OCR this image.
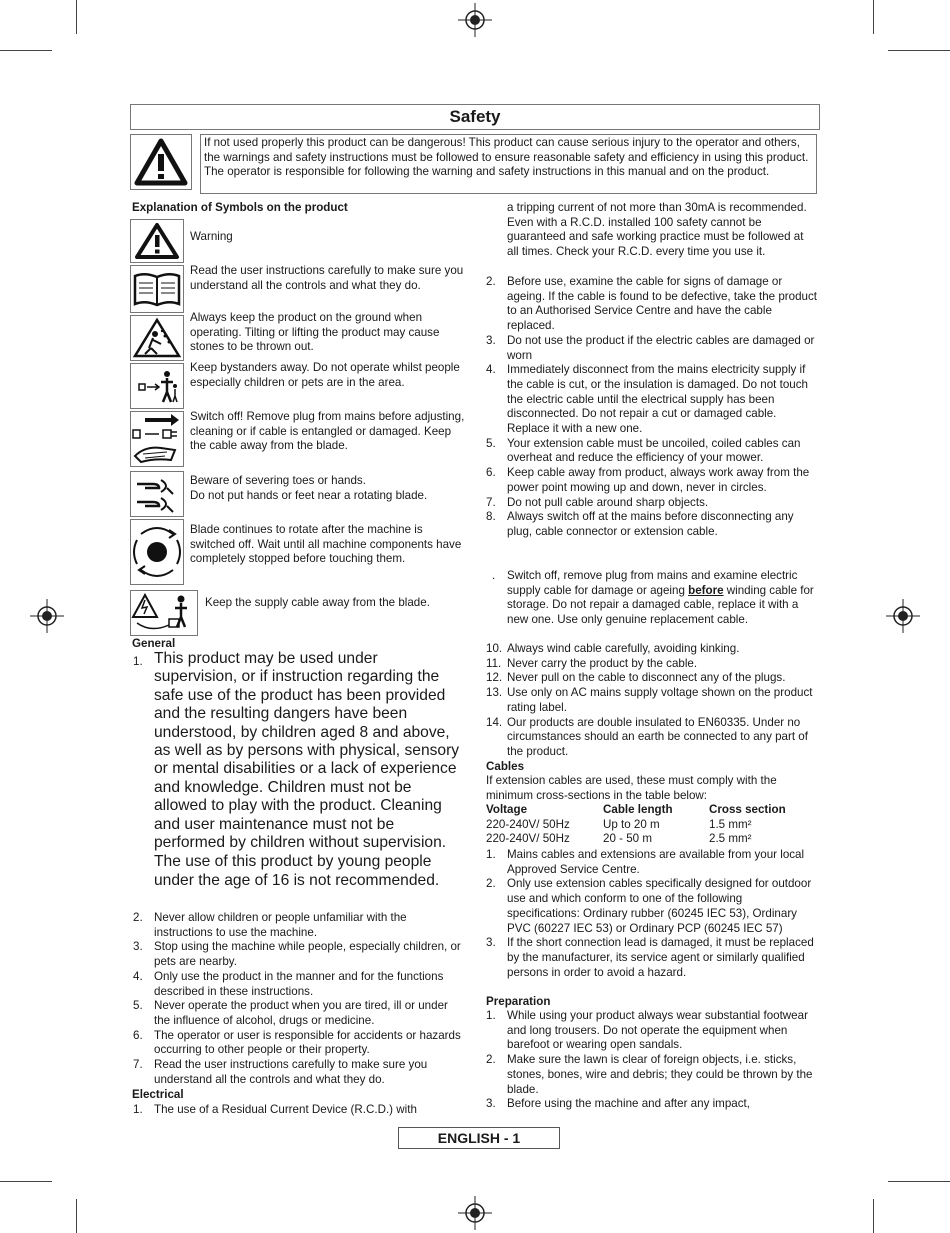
Safety
If not used properly this product can be dangerous! This product can cause serious injury to the operator and others, the warnings and safety instructions must be followed to ensure reasonable safety and efficiency in using this product. The operator is responsible for following the warning and safety instructions in this manual and on the product.
Explanation of Symbols on the product
Warning
Read the user instructions carefully to make sure you understand all the controls and what they do.
Always keep the product on the ground when operating. Tilting or lifting the product may cause stones to be thrown out.
Keep bystanders away. Do not operate whilst people especially children or pets are in the area.
Switch off! Remove plug from mains before adjusting, cleaning or if cable is entangled or damaged. Keep the cable away from the blade.
Beware of severing toes or hands.
Do not put hands or feet near a rotating blade.
Blade continues to rotate after the machine is switched off. Wait until all machine components have completely stopped before touching them.
Keep the supply cable away from the blade.
General
1. This product may be used under supervision, or if instruction regarding the safe use of the product has been provided and the resulting dangers have been understood, by children aged 8 and above, as well as by persons with physical, sensory or mental disabilities or a lack of experience and knowledge. Children must not be allowed to play with the product. Cleaning and user maintenance must not be performed by children without supervision.
The use of this product by young people under the age of 16 is not recommended.
2. Never allow children or people unfamiliar with the instructions to use the machine.
3. Stop using the machine while people, especially children, or pets are nearby.
4. Only use the product in the manner and for the functions described in these instructions.
5. Never operate the product when you are tired, ill or under the influence of alcohol, drugs or medicine.
6. The operator or user is responsible for accidents or hazards occurring to other people or their property.
7. Read the user instructions carefully to make sure you understand all the controls and what they do.
Electrical
1. The use of a Residual Current Device (R.C.D.) with
a tripping current of not more than 30mA is recommended. Even with a R.C.D. installed 100 safety cannot be guaranteed and safe working practice must be followed at all times. Check your R.C.D. every time you use it.
2. Before use, examine the cable for signs of damage or ageing. If the cable is found to be defective, take the product to an Authorised Service Centre and have the cable replaced.
3. Do not use the product if the electric cables are damaged or worn
4. Immediately disconnect from the mains electricity supply if the cable is cut, or the insulation is damaged. Do not touch the electric cable until the electrical supply has been disconnected. Do not repair a cut or damaged cable. Replace it with a new one.
5. Your extension cable must be uncoiled, coiled cables can overheat and reduce the efficiency of your mower.
6. Keep cable away from product, always work away from the power point mowing up and down, never in circles.
7. Do not pull cable around sharp objects.
8. Always switch off at the mains before disconnecting any plug, cable connector or extension cable.
. Switch off, remove plug from mains and examine electric supply cable for damage or ageing before winding cable for storage. Do not repair a damaged cable, replace it with a new one. Use only genuine replacement cable.
10. Always wind cable carefully, avoiding kinking.
11. Never carry the product by the cable.
12. Never pull on the cable to disconnect any of the plugs.
13. Use only on AC mains supply voltage shown on the product rating label.
14. Our products are double insulated to EN60335. Under no circumstances should an earth be connected to any part of the product.
Cables
If extension cables are used, these must comply with the minimum cross-sections in the table below:
Voltage	Cable length	Cross section
220-240V/ 50Hz	Up to 20 m	1.5 mm²
220-240V/ 50Hz	20 - 50 m	2.5 mm²
1. Mains cables and extensions are available from your local Approved Service Centre.
2. Only use extension cables specifically designed for outdoor use and which conform to one of the following specifications: Ordinary rubber (60245 IEC 53), Ordinary PVC (60227 IEC 53) or Ordinary PCP (60245 IEC 57)
3. If the short connection lead is damaged, it must be replaced by the manufacturer, its service agent or similarly qualified persons in order to avoid a hazard.
Preparation
1. While using your product always wear substantial footwear and long trousers. Do not operate the equipment when barefoot or wearing open sandals.
2. Make sure the lawn is clear of foreign objects, i.e. sticks, stones, bones, wire and debris; they could be thrown by the blade.
3. Before using the machine and after any impact,
ENGLISH - 1
